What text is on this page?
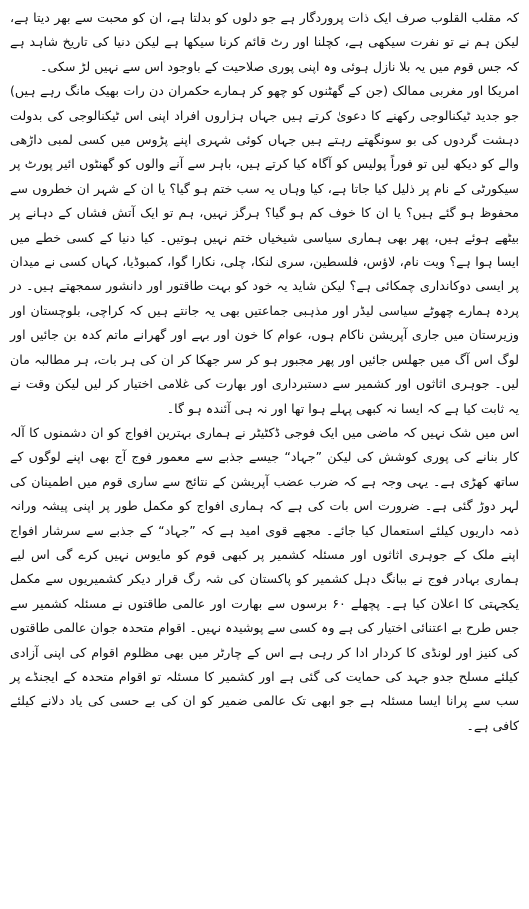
کہ مقلب القلوب صرف ایک ذات پروردگار ہے جو دلوں کو بدلتا ہے، ان کو محبت سے بھر دیتا ہے، لیکن ہم نے تو نفرت سیکھی ہے، کچلنا اور رٹ قائم کرنا سیکھا ہے لیکن دنیا کی تاریخ شاہد ہے کہ جس قوم میں یہ بلا نازل ہوئی وہ اپنی پوری صلاحیت کے باوجود اس سے نہیں لڑ سکی۔

امریکا اور مغربی ممالک (جن کے گھٹنوں کو چھو کر ہمارے حکمران دن رات بھیک مانگ رہے ہیں) جو جدید ٹیکنالوجی رکھنے کا دعویٰ کرتے ہیں جہاں ہزاروں افراد اپنی اس ٹیکنالوجی کی بدولت دہشت گردوں کی بو سونگھتے رہتے ہیں جہاں کوئی شہری اپنے پڑوس میں کسی لمبی داڑھی والے کو دیکھ لیں تو فوراً پولیس کو آگاہ کیا کرتے ہیں، باہر سے آنے والوں کو گھنٹوں ائیر پورٹ پر سیکورٹی کے نام پر ذلیل کیا جاتا ہے، کیا وہاں یہ سب ختم ہو گیا؟ یا ان کے شہر ان خطروں سے محفوظ ہو گئے ہیں؟ یا ان کا خوف کم ہو گیا؟ ہرگز نہیں، ہم تو ایک آتش فشاں کے دہانے پر بیٹھے ہوئے ہیں، پھر بھی ہماری سیاسی شیخیاں ختم نہیں ہوتیں۔ کیا دنیا کے کسی خطے میں ایسا ہوا ہے؟ ویت نام، لاؤس، فلسطین، سری لنکا، چلی، نکارا گوا، کمبوڈیا، کہاں کسی نے میدان پر ایسی دوکانداری چمکائی ہے؟ لیکن شاید یہ خود کو بہت طاقتور اور دانشور سمجھتے ہیں۔ در پردہ ہمارے چھوٹے سیاسی لیڈر اور مذہبی جماعتیں بھی یہ جانتے ہیں کہ کراچی، بلوچستان اور وزیرستان میں جاری آپریشن ناکام ہوں، عوام کا خون اور بہے اور گھرانے ماتم کدہ بن جائیں اور لوگ اس آگ میں جھلس جائیں اور پھر مجبور ہو کر سر جھکا کر ان کی ہر بات، ہر مطالبہ مان لیں۔ جوہری اثاثوں اور کشمیر سے دستبرداری اور بھارت کی غلامی اختیار کر لیں لیکن وقت نے یہ ثابت کیا ہے کہ ایسا نہ کبھی پہلے ہوا تھا اور نہ ہی آئندہ ہو گا۔

اس میں شک نہیں کہ ماضی میں ایک فوجی ڈکٹیٹر نے ہماری بہترین افواج کو ان دشمنوں کا آلہ کار بنانے کی پوری کوشش کی لیکن ”جہاد“ جیسے جذبے سے معمور فوج آج بھی اپنے لوگوں کے ساتھ کھڑی ہے۔ یہی وجہ ہے کہ ضرب عضب آپریشن کے نتائج سے ساری قوم میں اطمینان کی لہر دوڑ گئی ہے۔ ضرورت اس بات کی ہے کہ ہماری افواج کو مکمل طور پر اپنی پیشہ ورانہ ذمہ داریوں کیلئے استعمال کیا جائے۔ مجھے قوی امید ہے کہ ”جہاد“ کے جذبے سے سرشار افواج اپنے ملک کے جوہری اثاثوں اور مسئلہ کشمیر پر کبھی قوم کو مایوس نہیں کرے گی اس لیے ہماری بہادر فوج نے ببانگ دہل کشمیر کو پاکستان کی شہ رگ قرار دیکر کشمیریوں سے مکمل یکجہتی کا اعلان کیا ہے۔ پچھلے ۶۰ برسوں سے بھارت اور عالمی طاقتوں نے مسئلہ کشمیر سے جس طرح بے اعتنائی اختیار کی ہے وہ کسی سے پوشیدہ نہیں۔ اقوام متحدہ جوان عالمی طاقتوں کی کنیز اور لونڈی کا کردار ادا کر رہی ہے اس کے چارٹر میں بھی مظلوم اقوام کی اپنی آزادی کیلئے مسلح جدو جہد کی حمایت کی گئی ہے اور کشمیر کا مسئلہ تو اقوام متحدہ کے ایجنڈے پر سب سے پرانا ایسا مسئلہ ہے جو ابھی تک عالمی ضمیر کو ان کی بے حسی کی یاد دلانے کیلئے کافی ہے۔
